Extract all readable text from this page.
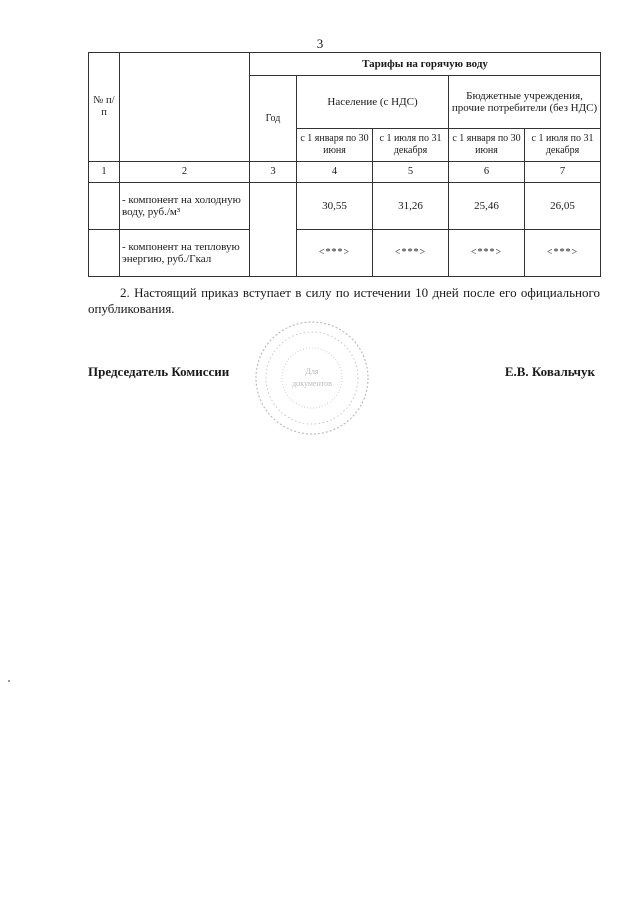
3
№ п/п		Тарифы на горячую воду				
		Год	Население (с НДС)		Бюджетные учреждения, прочие потребители (без НДС)	
			с 1 января по 30 июня	с 1 июля по 31 декабря	с 1 января по 30 июня	с 1 июля по 31 декабря
1	2	3	4	5	6	7
	- компонент на холодную воду, руб./м³		30,55	31,26	25,46	26,05
	- компонент на тепловую энергию, руб./Гкал		<***>	<***>	<***>	<***>
2. Настоящий приказ вступает в силу по истечении 10 дней после его официального опубликования.
Для
документов
Председатель Комиссии	Е.В. Ковальчук
